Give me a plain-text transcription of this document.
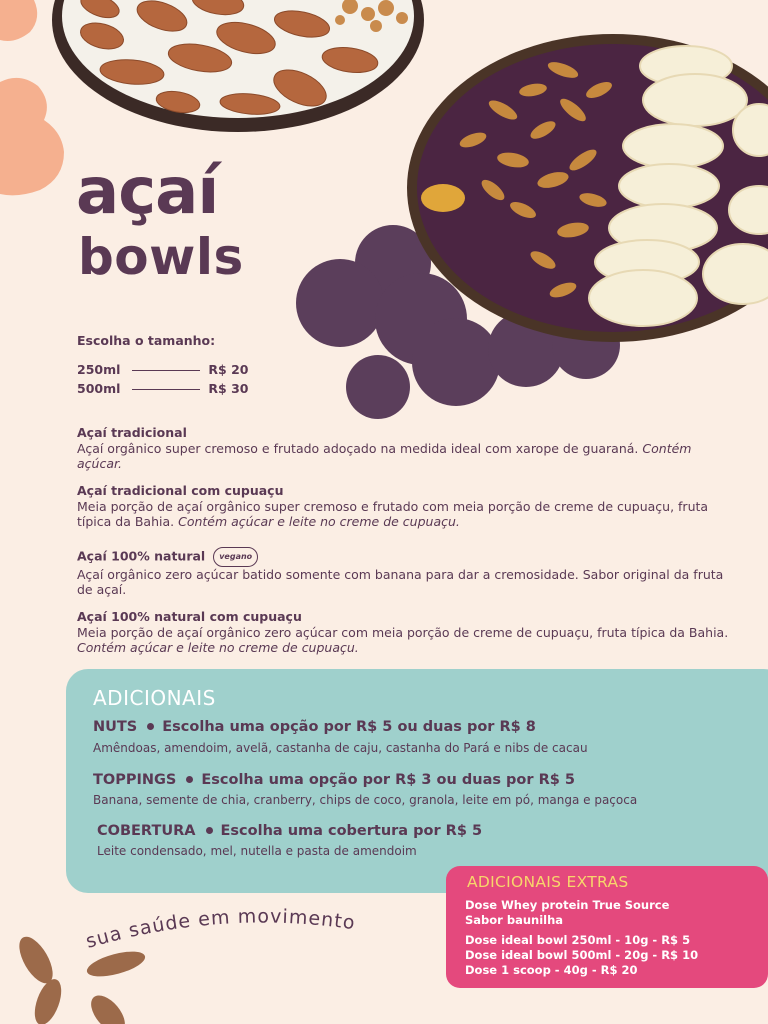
açaí
bowls
Escolha o tamanho:
250ml	R$ 20
500ml	R$ 30
Açaí tradicional
Açaí orgânico super cremoso e frutado adoçado na medida ideal com xarope de guaraná. Contém açúcar.
Açaí tradicional com cupuaçu
Meia porção de açaí orgânico super cremoso e frutado com meia porção de creme de cupuaçu, fruta típica da Bahia. Contém açúcar e leite no creme de cupuaçu.
Açaí 100% natural vegano
Açaí orgânico zero açúcar batido somente com banana para dar a cremosidade. Sabor original da fruta de açaí.
Açaí 100% natural com cupuaçu
Meia porção de açaí orgânico zero açúcar com meia porção de creme de cupuaçu, fruta típica da Bahia. Contém açúcar e leite no creme de cupuaçu.
ADICIONAIS
NUTS Escolha uma opção por R$ 5 ou duas por R$ 8
Amêndoas, amendoim, avelã, castanha de caju, castanha do Pará e nibs de cacau
TOPPINGS Escolha uma opção por R$ 3 ou duas por R$ 5
Banana, semente de chia, cranberry, chips de coco, granola, leite em pó, manga e paçoca
COBERTURA Escolha uma cobertura por R$ 5
Leite condensado, mel, nutella e pasta de amendoim
ADICIONAIS EXTRAS
Dose Whey protein True Source
Sabor baunilha
Dose ideal bowl 250ml - 10g - R$ 5
Dose ideal bowl 500ml - 20g - R$ 10
Dose 1 scoop - 40g - R$ 20
sua saúde em movimento
